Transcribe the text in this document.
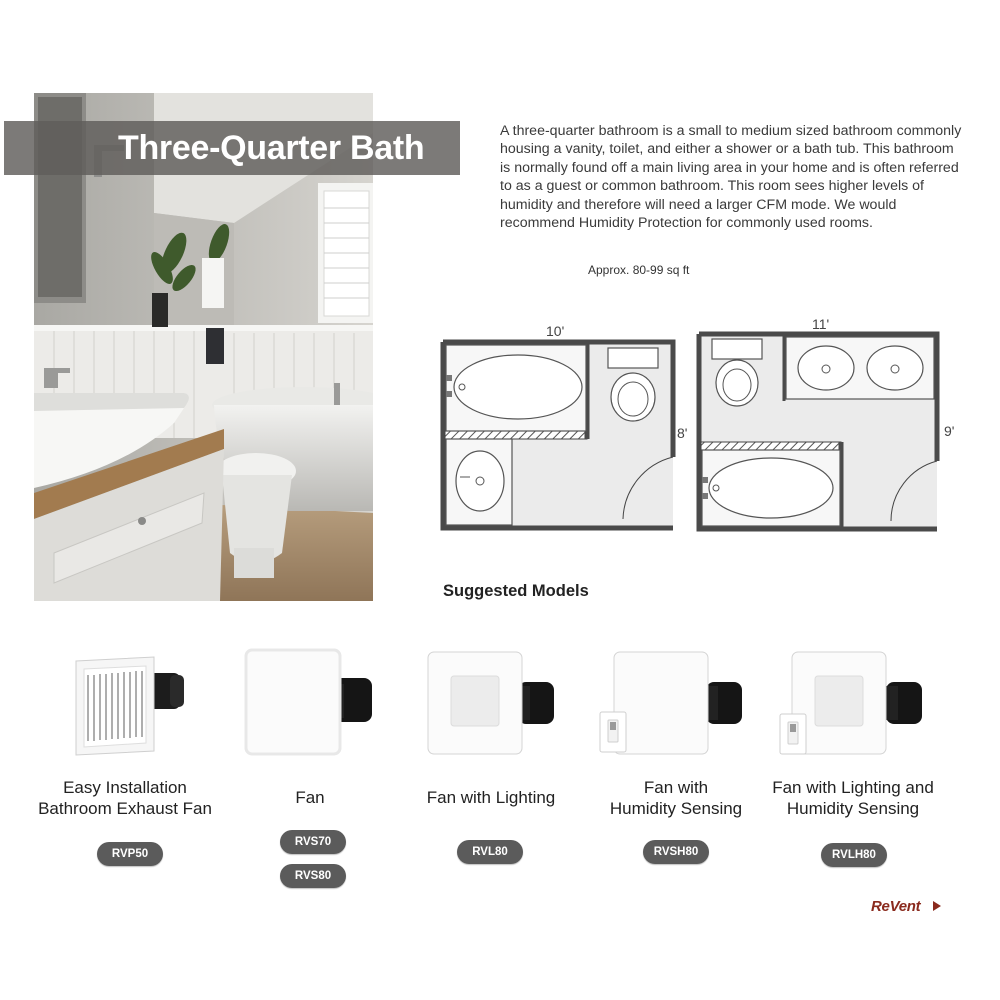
Three-Quarter Bath	A three-quarter bathroom is a small to medium sized bathroom commonly housing a vanity, toilet, and either a shower or a bath tub. This bathroom is normally found off a main living area in your home and is often referred to as a guest or common bathroom. This room sees higher levels of humidity and therefore will need a larger CFM mode. We would recommend Humidity Protection for commonly used rooms.
Approx. 80-99 sq ft
10'
8'
11'
9'
Suggested Models
Easy Installation
Bathroom Exhaust Fan
RVP50
Fan
RVS70
RVS80
Fan with Lighting
RVL80
Fan with
Humidity Sensing
RVSH80
Fan with Lighting and
Humidity Sensing
RVLH80
ReVent
